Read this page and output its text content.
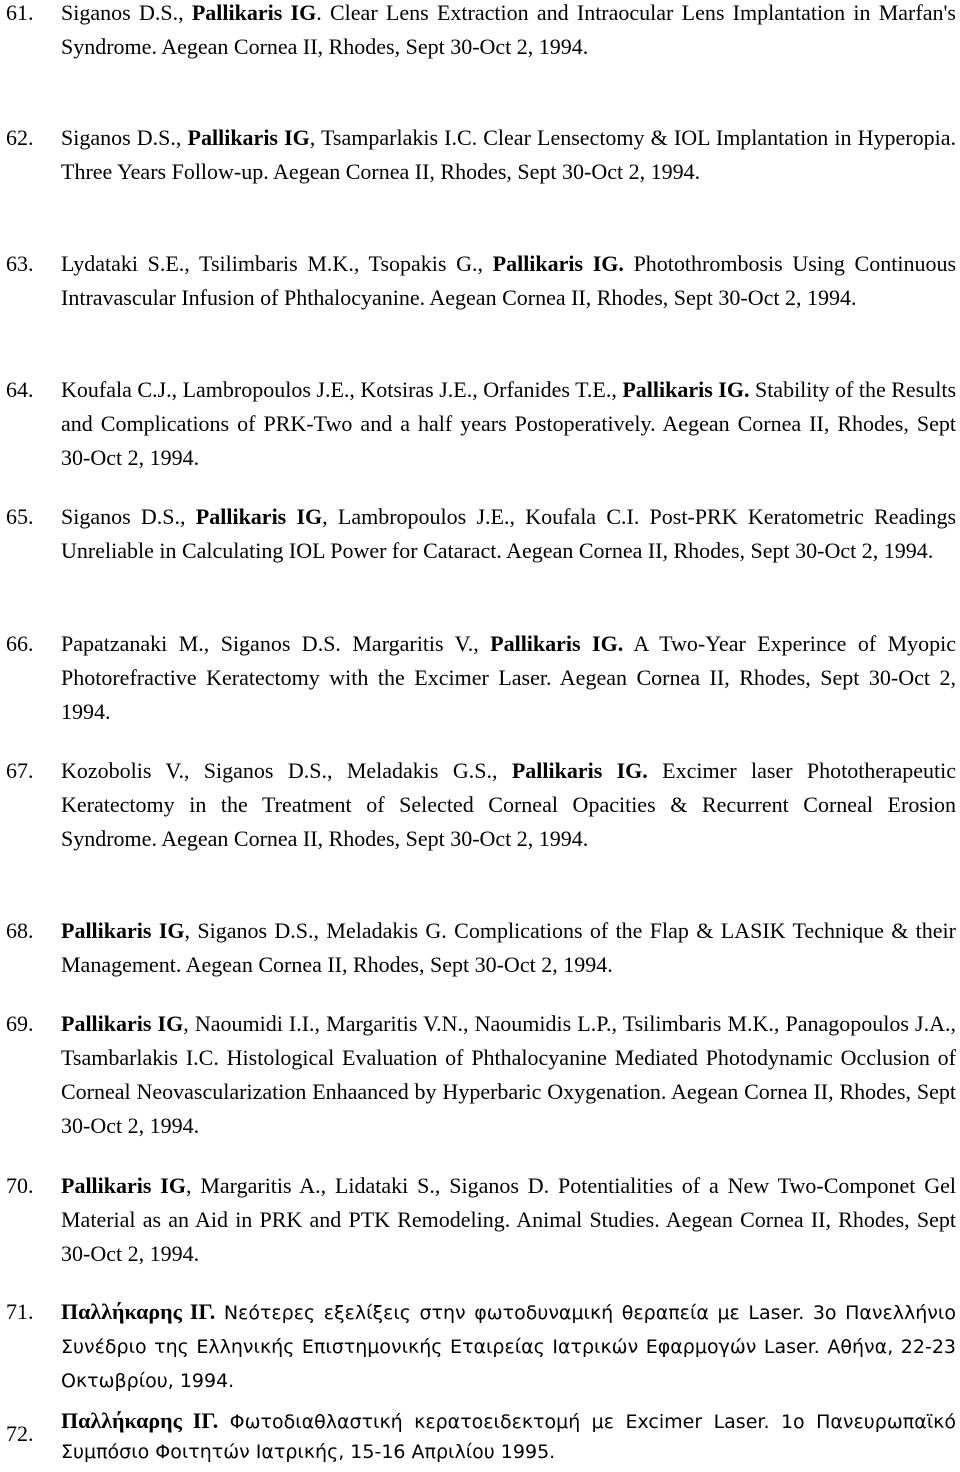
61. Siganos D.S., Pallikaris IG. Clear Lens Extraction and Intraocular Lens Implantation in Marfan's Syndrome. Aegean Cornea II, Rhodes, Sept 30-Oct 2, 1994.
62. Siganos D.S., Pallikaris IG, Tsamparlakis I.C. Clear Lensectomy & IOL Implantation in Hyperopia. Three Years Follow-up. Aegean Cornea II, Rhodes, Sept 30-Oct 2, 1994.
63. Lydataki S.E., Tsilimbaris M.K., Tsopakis G., Pallikaris IG. Photothrombosis Using Continuous Intravascular Infusion of Phthalocyanine. Aegean Cornea II, Rhodes, Sept 30-Oct 2, 1994.
64. Koufala C.J., Lambropoulos J.E., Kotsiras J.E., Orfanides T.E., Pallikaris IG. Stability of the Results and Complications of PRK-Two and a half years Postoperatively. Aegean Cornea II, Rhodes, Sept 30-Oct 2, 1994.
65. Siganos D.S., Pallikaris IG, Lambropoulos J.E., Koufala C.I. Post-PRK Keratometric Readings Unreliable in Calculating IOL Power for Cataract. Aegean Cornea II, Rhodes, Sept 30-Oct 2, 1994.
66. Papatzanaki M., Siganos D.S. Margaritis V., Pallikaris IG. A Two-Year Experince of Myopic Photorefractive Keratectomy with the Excimer Laser. Aegean Cornea II, Rhodes, Sept 30-Oct 2, 1994.
67. Kozobolis V., Siganos D.S., Meladakis G.S., Pallikaris IG. Excimer laser Phototherapeutic Keratectomy in the Treatment of Selected Corneal Opacities & Recurrent Corneal Erosion Syndrome. Aegean Cornea II, Rhodes, Sept 30-Oct 2, 1994.
68. Pallikaris IG, Siganos D.S., Meladakis G. Complications of the Flap & LASIK Technique & their Management. Aegean Cornea II, Rhodes, Sept 30-Oct 2, 1994.
69. Pallikaris IG, Naoumidi I.I., Margaritis V.N., Naoumidis L.P., Tsilimbaris M.K., Panagopoulos J.A., Tsambarlakis I.C. Histological Evaluation of Phthalocyanine Mediated Photodynamic Occlusion of Corneal Neovascularization Enhaanced by Hyperbaric Oxygenation. Aegean Cornea II, Rhodes, Sept 30-Oct 2, 1994.
70. Pallikaris IG, Margaritis A., Lidataki S., Siganos D. Potentialities of a New Two-Componet Gel Material as an Aid in PRK and PTK Remodeling. Animal Studies. Aegean Cornea II, Rhodes, Sept 30-Oct 2, 1994.
71. Παλλήκαρης ΙΓ. Νεότερες εξελίξεις στην φωτοδυναμική θεραπεία με Laser. 3ο Πανελλήνιο Συνέδριο της Ελληνικής Επιστημονικής Εταιρείας Ιατρικών Εφαρμογών Laser. Αθήνα, 22-23 Οκτωβρίου, 1994.
72.
Παλλήκαρης ΙΓ. Φωτοδιαθλαστική κερατοειδεκτομή με Excimer Laser. 1ο Πανευρωπαϊκό Συμπόσιο Φοιτητών Ιατρικής, 15-16 Απριλίου 1995.
